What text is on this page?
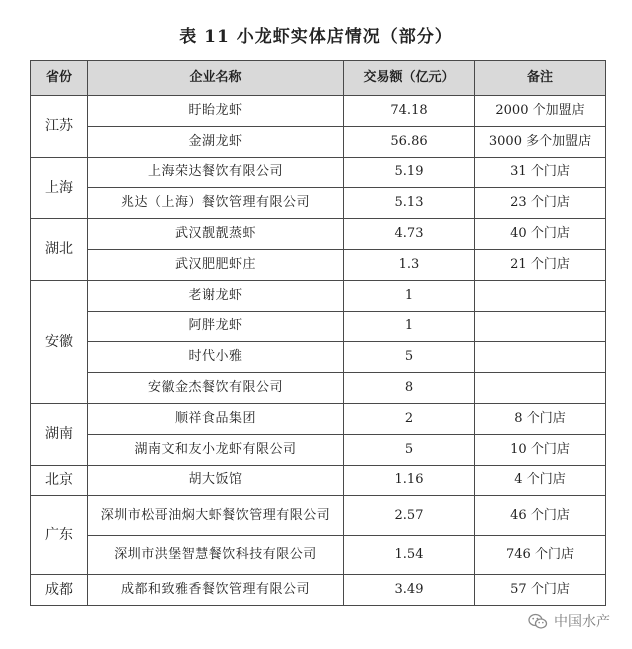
表 11 小龙虾实体店情况（部分）
省份	企业名称	交易额（亿元）	备注
江苏	盱眙龙虾	74.18	2000 个加盟店
	金湖龙虾	56.86	3000 多个加盟店
上海	上海荣达餐饮有限公司	5.19	31 个门店
	兆达（上海）餐饮管理有限公司	5.13	23 个门店
湖北	武汉靓靓蒸虾	4.73	40 个门店
	武汉肥肥虾庄	1.3	21 个门店
安徽	老谢龙虾	1	
	阿胖龙虾	1	
	时代小雅	5	
	安徽金杰餐饮有限公司	8	
湖南	顺祥食品集团	2	8 个门店
	湖南文和友小龙虾有限公司	5	10 个门店
北京	胡大饭馆	1.16	4 个门店
广东	深圳市松哥油焖大虾餐饮管理有限公司	2.57	46 个门店
	深圳市洪堡智慧餐饮科技有限公司	1.54	746 个门店
成都	成都和致雅香餐饮管理有限公司	3.49	57 个门店
中国水产
